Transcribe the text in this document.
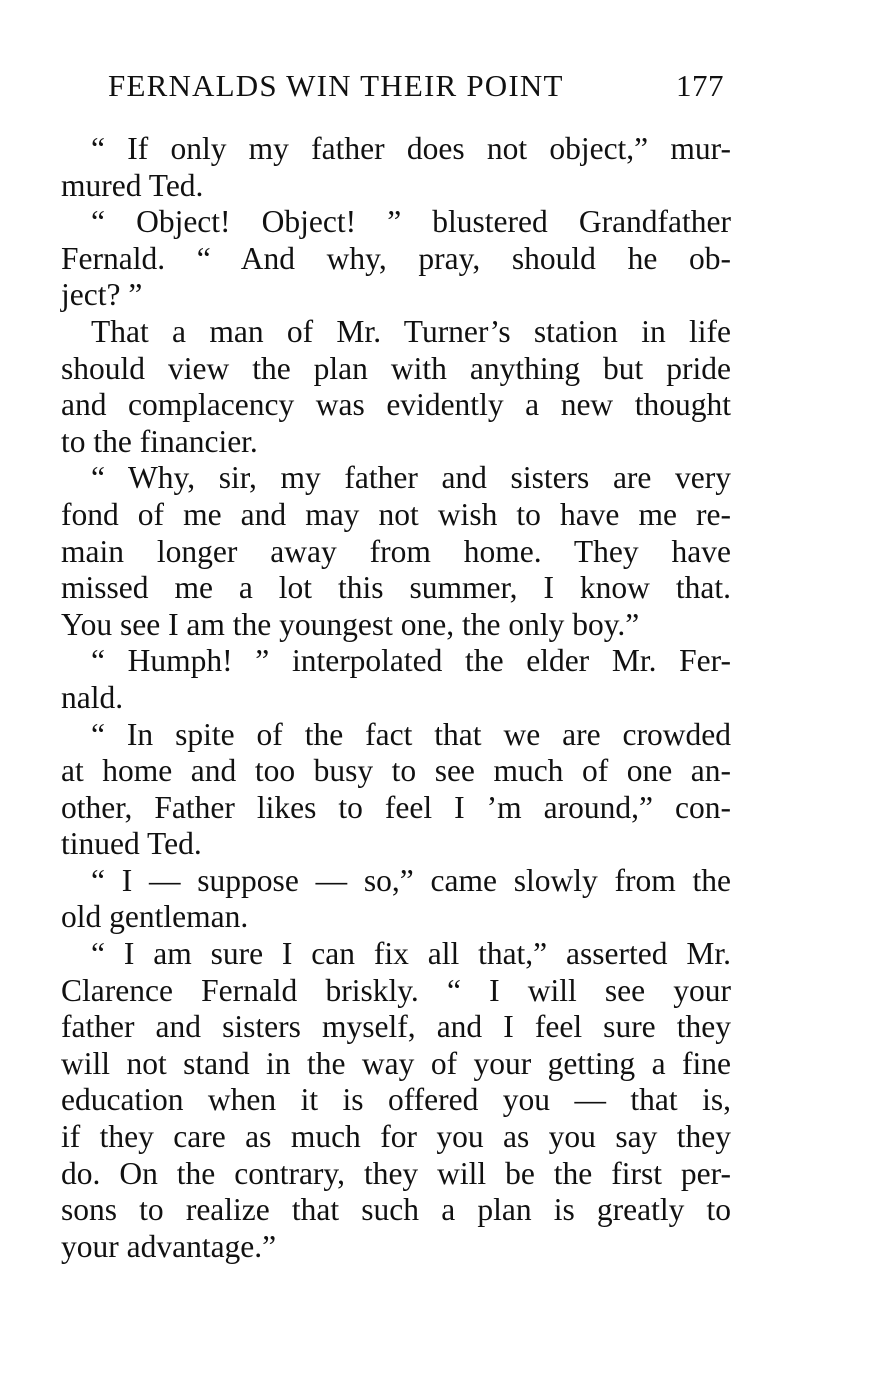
FERNALDS WIN THEIR POINT	177
“ If only my father does not object,” mur-
mured Ted.
“ Object! Object! ” blustered Grandfather
Fernald. “ And why, pray, should he ob-
ject? ”
That a man of Mr. Turner’s station in life
should view the plan with anything but pride
and complacency was evidently a new thought
to the financier.
“ Why, sir, my father and sisters are very
fond of me and may not wish to have me re-
main longer away from home. They have
missed me a lot this summer, I know that.
You see I am the youngest one, the only boy.”
“ Humph! ” interpolated the elder Mr. Fer-
nald.
“ In spite of the fact that we are crowded
at home and too busy to see much of one an-
other, Father likes to feel I ’m around,” con-
tinued Ted.
“ I — suppose — so,” came slowly from the
old gentleman.
“ I am sure I can fix all that,” asserted Mr.
Clarence Fernald briskly. “ I will see your
father and sisters myself, and I feel sure they
will not stand in the way of your getting a fine
education when it is offered you — that is,
if they care as much for you as you say they
do. On the contrary, they will be the first per-
sons to realize that such a plan is greatly to
your advantage.”
